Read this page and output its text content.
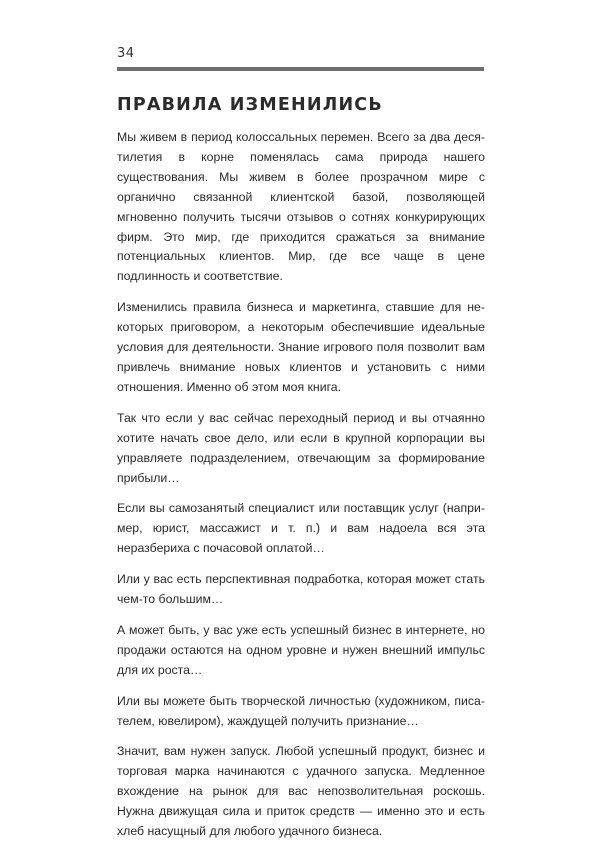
34
ПРАВИЛА ИЗМЕНИЛИСЬ

Мы живем в период колоссальных перемен. Всего за два десятилетия в корне поменялась сама природа нашего существования. Мы живем в более прозрачном мире с органично связанной клиентской базой, позволяющей мгновенно получить тысячи отзывов о сотнях конкурирующих фирм. Это мир, где приходится сражаться за внимание потенциальных клиентов. Мир, где все чаще в цене подлинность и соответствие.

Изменились правила бизнеса и маркетинга, ставшие для некоторых приговором, а некоторым обеспечившие идеальные условия для деятельности. Знание игрового поля позволит вам привлечь внимание новых клиентов и установить с ними отношения. Именно об этом моя книга.

Так что если у вас сейчас переходный период и вы отчаянно хотите начать свое дело, или если в крупной корпорации вы управляете подразделением, отвечающим за формирование прибыли…

Если вы самозанятый специалист или поставщик услуг (например, юрист, массажист и т. п.) и вам надоела вся эта неразбериха с почасовой оплатой…

Или у вас есть перспективная подработка, которая может стать чем-то большим…

А может быть, у вас уже есть успешный бизнес в интернете, но продажи остаются на одном уровне и нужен внешний импульс для их роста…

Или вы можете быть творческой личностью (художником, писателем, ювелиром), жаждущей получить признание…

Значит, вам нужен запуск. Любой успешный продукт, бизнес и торговая марка начинаются с удачного запуска. Медленное вхождение на рынок для вас непозволительная роскошь. Нужна движущая сила и приток средств — именно это и есть хлеб насущный для любого удачного бизнеса.
